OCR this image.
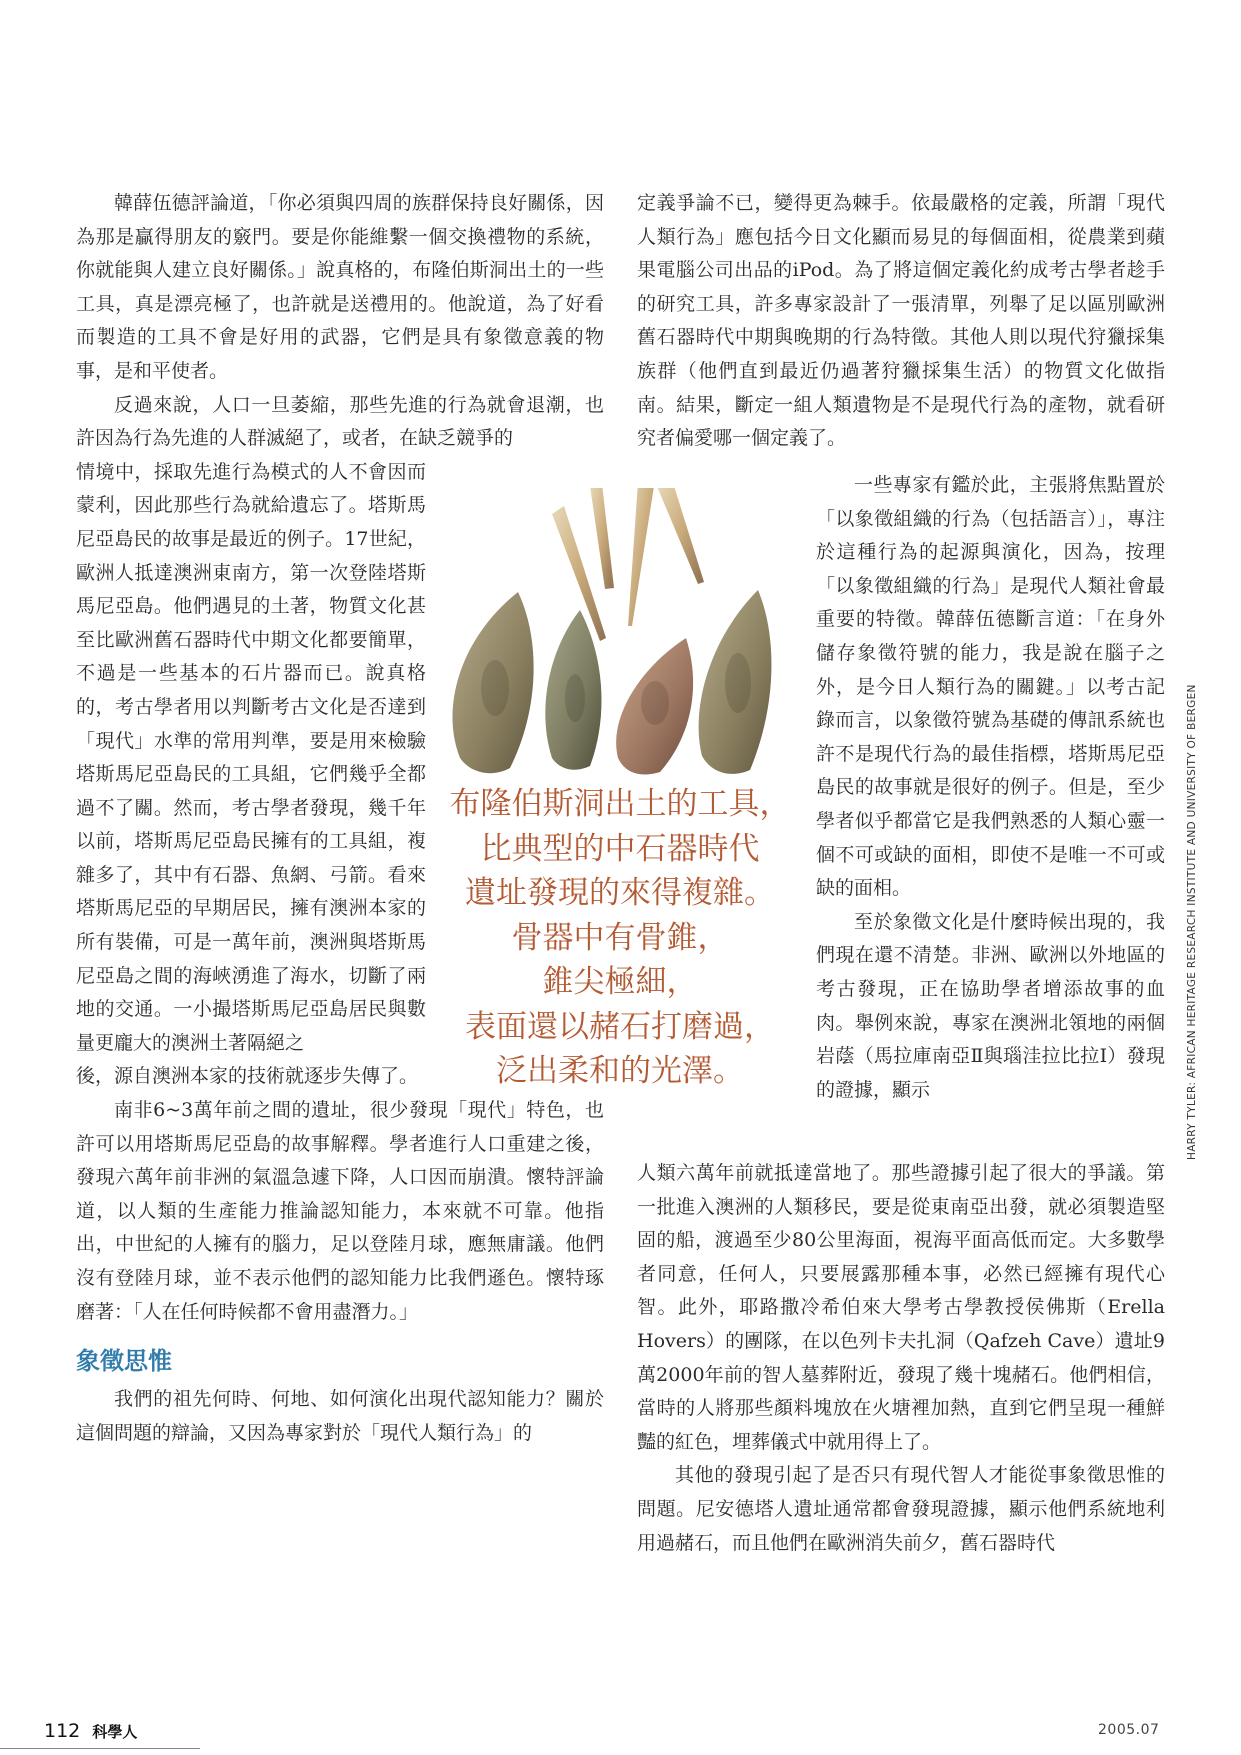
韓薛伍德評論道，「你必須與四周的族群保持良好關係，因為那是贏得朋友的竅門。要是你能維繫一個交換禮物的系統，你就能與人建立良好關係。」說真格的，布隆伯斯洞出土的一些工具，真是漂亮極了，也許就是送禮用的。他說道，為了好看而製造的工具不會是好用的武器，它們是具有象徵意義的物事，是和平使者。

反過來說，人口一旦萎縮，那些先進的行為就會退潮，也許因為行為先進的人群滅絕了，或者，在缺乏競爭的

情境中，採取先進行為模式的人不會因而蒙利，因此那些行為就給遺忘了。塔斯馬尼亞島民的故事是最近的例子。17世紀，歐洲人抵達澳洲東南方，第一次登陸塔斯馬尼亞島。他們遇見的土著，物質文化甚至比歐洲舊石器時代中期文化都要簡單，不過是一些基本的石片器而已。說真格的，考古學者用以判斷考古文化是否達到「現代」水準的常用判準，要是用來檢驗塔斯馬尼亞島民的工具組，它們幾乎全都過不了關。然而，考古學者發現，幾千年以前，塔斯馬尼亞島民擁有的工具組，複雜多了，其中有石器、魚網、弓箭。看來塔斯馬尼亞的早期居民，擁有澳洲本家的所有裝備，可是一萬年前，澳洲與塔斯馬尼亞島之間的海峽湧進了海水，切斷了兩地的交通。一小撮塔斯馬尼亞島居民與數量更龐大的澳洲土著隔絕之

後，源自澳洲本家的技術就逐步失傳了。

南非6~3萬年前之間的遺址，很少發現「現代」特色，也許可以用塔斯馬尼亞島的故事解釋。學者進行人口重建之後，發現六萬年前非洲的氣溫急遽下降，人口因而崩潰。懷特評論道，以人類的生產能力推論認知能力，本來就不可靠。他指出，中世紀的人擁有的腦力，足以登陸月球，應無庸議。他們沒有登陸月球，並不表示他們的認知能力比我們遜色。懷特琢磨著：「人在任何時候都不會用盡潛力。」

象徵思惟

我們的祖先何時、何地、如何演化出現代認知能力？關於這個問題的辯論，又因為專家對於「現代人類行為」的

定義爭論不已，變得更為棘手。依最嚴格的定義，所謂「現代人類行為」應包括今日文化顯而易見的每個面相，從農業到蘋果電腦公司出品的iPod。為了將這個定義化約成考古學者趁手的研究工具，許多專家設計了一張清單，列舉了足以區別歐洲舊石器時代中期與晚期的行為特徵。其他人則以現代狩獵採集族群（他們直到最近仍過著狩獵採集生活）的物質文化做指南。結果，斷定一組人類遺物是不是現代行為的產物，就看研究者偏愛哪一個定義了。

一些專家有鑑於此，主張將焦點置於「以象徵組織的行為（包括語言）」，專注於這種行為的起源與演化，因為，按理「以象徵組織的行為」是現代人類社會最重要的特徵。韓薛伍德斷言道：「在身外儲存象徵符號的能力，我是說在腦子之外，是今日人類行為的關鍵。」以考古記錄而言，以象徵符號為基礎的傳訊系統也許不是現代行為的最佳指標，塔斯馬尼亞島民的故事就是很好的例子。但是，至少學者似乎都當它是我們熟悉的人類心靈一個不可或缺的面相，即使不是唯一不可或缺的面相。

至於象徵文化是什麼時候出現的，我們現在還不清楚。非洲、歐洲以外地區的考古發現，正在協助學者增添故事的血肉。舉例來說，專家在澳洲北領地的兩個岩蔭（馬拉庫南亞Ⅱ與瑙洼拉比拉Ⅰ）發現的證據，顯示

人類六萬年前就抵達當地了。那些證據引起了很大的爭議。第一批進入澳洲的人類移民，要是從東南亞出發，就必須製造堅固的船，渡過至少80公里海面，視海平面高低而定。大多數學者同意，任何人，只要展露那種本事，必然已經擁有現代心智。此外，耶路撒冷希伯來大學考古學教授侯佛斯（Erella Hovers）的團隊，在以色列卡夫扎洞（Qafzeh Cave）遺址9萬2000年前的智人墓葬附近，發現了幾十塊赭石。他們相信，當時的人將那些顏料塊放在火塘裡加熱，直到它們呈現一種鮮豔的紅色，埋葬儀式中就用得上了。

其他的發現引起了是否只有現代智人才能從事象徵思惟的問題。尼安德塔人遺址通常都會發現證據，顯示他們系統地利用過赭石，而且他們在歐洲消失前夕，舊石器時代

布隆伯斯洞出土的工具，
比典型的中石器時代
遺址發現的來得複雜。
骨器中有骨錐，
錐尖極細，
表面還以赭石打磨過，
泛出柔和的光澤。	HARRY TYLER: AFRICAN HERITAGE RESEARCH INSTITUTE AND UNIVERSITY OF BERGEN
112 科學人	2005.07
